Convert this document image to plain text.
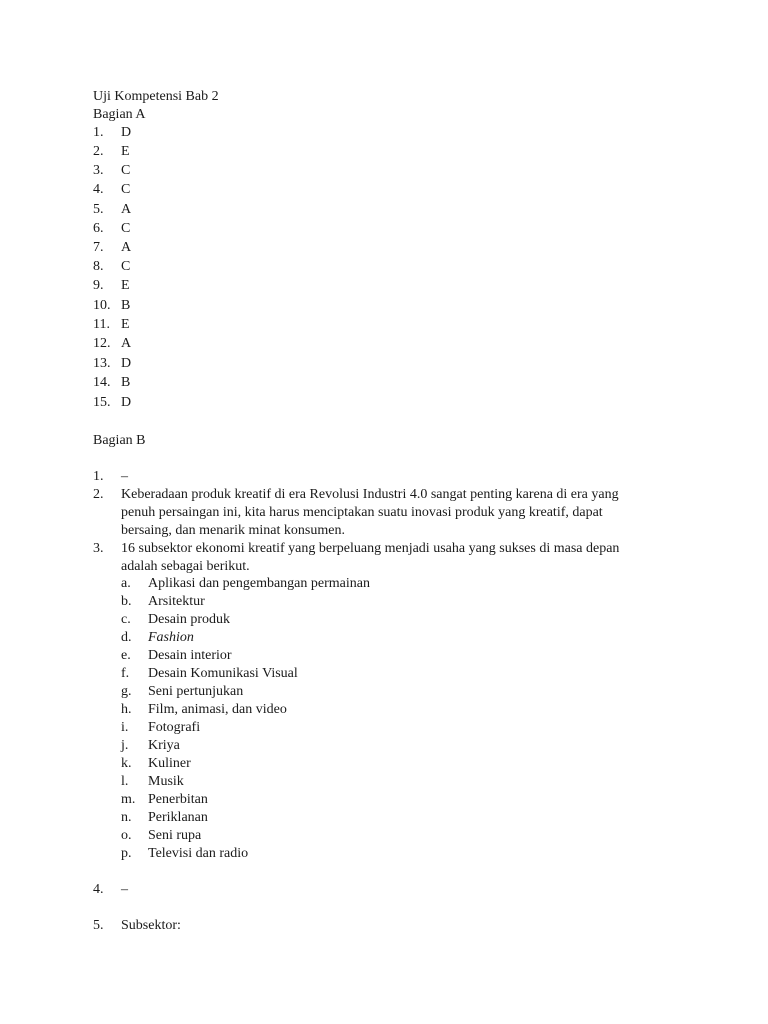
Uji Kompetensi Bab 2
Bagian A
1. D
2. E
3. C
4. C
5. A
6. C
7. A
8. C
9. E
10. B
11. E
12. A
13. D
14. B
15. D
Bagian B
1. –
2. Keberadaan produk kreatif di era Revolusi Industri 4.0 sangat penting karena di era yang
penuh persaingan ini, kita harus menciptakan suatu inovasi produk yang kreatif, dapat
bersaing, dan menarik minat konsumen.
3. 16 subsektor ekonomi kreatif yang berpeluang menjadi usaha yang sukses di masa depan
adalah sebagai berikut.
a. Aplikasi dan pengembangan permainan
b. Arsitektur
c. Desain produk
d. Fashion
e. Desain interior
f. Desain Komunikasi Visual
g. Seni pertunjukan
h. Film, animasi, dan video
i. Fotografi
j. Kriya
k. Kuliner
l. Musik
m. Penerbitan
n. Periklanan
o. Seni rupa
p. Televisi dan radio
4. –
5. Subsektor:
